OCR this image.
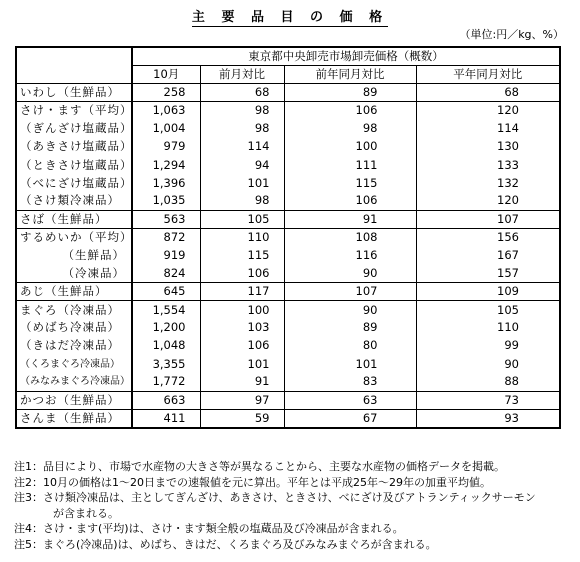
主 要 品 目 の 価 格
（単位:円／kg、%）
	東京都中央卸売市場卸売価格（概数）			
	10月	前月対比	前年同月対比	平年同月対比
いわし（生鮮品）	258	68	89	68
さけ・ます（平均）	1,063	98	106	120
（ぎんざけ塩蔵品）	1,004	98	98	114
（あきさけ塩蔵品）	979	114	100	130
（ときさけ塩蔵品）	1,294	94	111	133
（べにざけ塩蔵品）	1,396	101	115	132
（さけ類冷凍品）	1,035	98	106	120
さば（生鮮品）	563	105	91	107
するめいか（平均）	872	110	108	156
（生鮮品）	919	115	116	167
（冷凍品）	824	106	90	157
あじ（生鮮品）	645	117	107	109
まぐろ（冷凍品）	1,554	100	90	105
（めばち冷凍品）	1,200	103	89	110
（きはだ冷凍品）	1,048	106	80	99
（くろまぐろ冷凍品）	3,355	101	101	90
（みなみまぐろ冷凍品）	1,772	91	83	88
かつお（生鮮品）	663	97	63	73
さんま（生鮮品）	411	59	67	93
注1：品目により、市場で水産物の大きさ等が異なることから、主要な水産物の価格データを掲載。
注2：10月の価格は1～20日までの速報値を元に算出。平年とは平成25年～29年の加重平均値。
注3：さけ類冷凍品は、主としてぎんざけ、あきさけ、ときさけ、べにざけ及びアトランティックサーモン
が含まれる。
注4：さけ・ます(平均)は、さけ・ます類全般の塩蔵品及び冷凍品が含まれる。
注5：まぐろ(冷凍品)は、めばち、きはだ、くろまぐろ及びみなみまぐろが含まれる。
